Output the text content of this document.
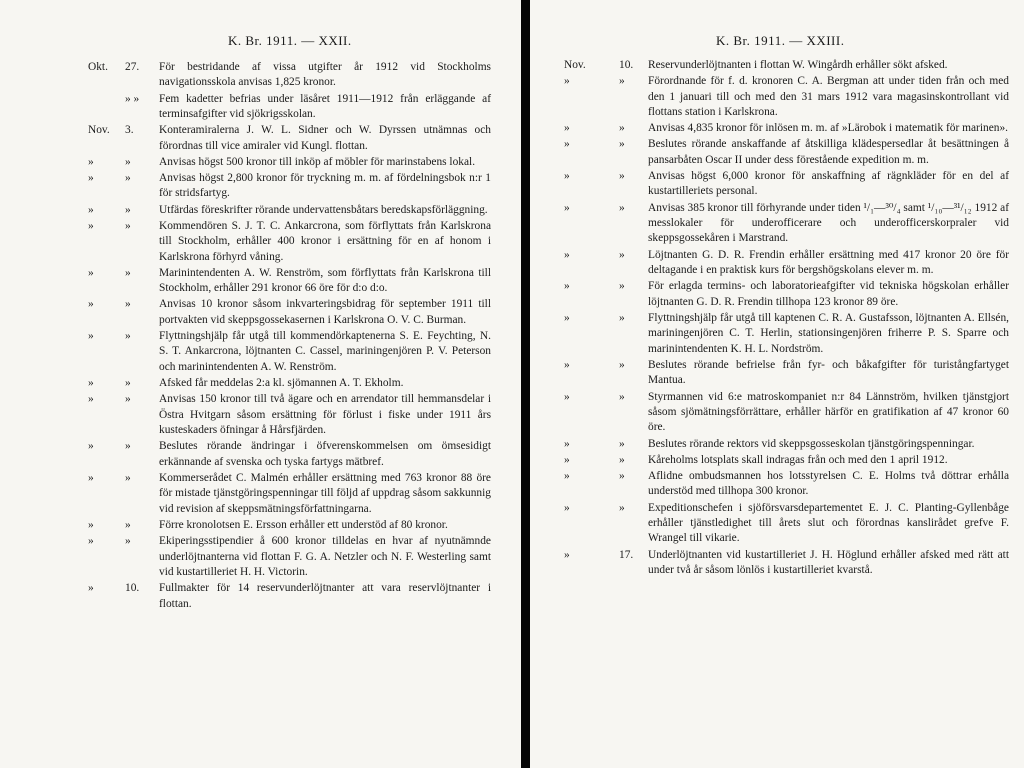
K. Br. 1911. — XXII.
Okt. 27. För bestridande af vissa utgifter år 1912 vid Stockholms navigationsskola anvisas 1,825 kronor.
» » Fem kadetter befrias under läsåret 1911—1912 från erläggande af terminsafgifter vid sjökrigsskolan.
Nov. 3. Konteramiralerna J. W. L. Sidner och W. Dyrssen utnämnas och förordnas till vice amiraler vid Kungl. flottan.
»	» Anvisas högst 500 kronor till inköp af möbler för marinstabens lokal.
»	» Anvisas högst 2,800 kronor för tryckning m. m. af fördelningsbok n:r 1 för stridsfartyg.
»	» Utfärdas föreskrifter rörande undervattensbåtars beredskapsförläggning.
»	» Kommendören S. J. T. C. Ankarcrona, som förflyttats från Karlskrona till Stockholm, erhåller 400 kronor i ersättning för en af honom i Karlskrona förhyrd våning.
»	» Marinintendenten A. W. Renström, som förflyttats från Karlskrona till Stockholm, erhåller 291 kronor 66 öre för d:o d:o.
»	» Anvisas 10 kronor såsom inkvarteringsbidrag för september 1911 till portvakten vid skeppsgossekasernen i Karlskrona O. V. C. Burman.
»	» Flyttningshjälp får utgå till kommendörkaptenerna S. E. Feychting, N. S. T. Ankarcrona, löjtnanten C. Cassel, mariningenjören P. V. Peterson och marinintendenten A. W. Renström.
»	» Afsked får meddelas 2:a kl. sjömannen A. T. Ekholm.
»	» Anvisas 150 kronor till två ägare och en arrendator till hemmansdelar i Östra Hvitgarn såsom ersättning för förlust i fiske under 1911 års kusteskaders öfningar å Hårsfjärden.
»	» Beslutes rörande ändringar i öfverenskommelsen om ömsesidigt erkännande af svenska och tyska fartygs mätbref.
»	» Kommerserådet C. Malmén erhåller ersättning med 763 kronor 88 öre för mistade tjänstgöringspenningar till följd af uppdrag såsom sakkunnig vid revision af skeppsmätningsförfattningarna.
»	» Förre kronolotsen E. Ersson erhåller ett understöd af 80 kronor.
»	» Ekiperingsstipendier å 600 kronor tilldelas en hvar af nyutnämnde underlöjtnanterna vid flottan F. G. A. Netzler och N. F. Westerling samt vid kustartilleriet H. H. Victorin.
»	10. Fullmakter för 14 reservunderlöjtnanter att vara reservlöjtnanter i flottan.
K. Br. 1911. — XXIII.
Nov.	10. Reservunderlöjtnanten i flottan W. Wingårdh erhåller sökt afsked.
»	» Förordnande för f. d. kronoren C. A. Bergman att under tiden från och med den 1 januari till och med den 31 mars 1912 vara magasinskontrollant vid flottans station i Karlskrona.
»	» Anvisas 4,835 kronor för inlösen m. m. af »Lärobok i matematik för marinen».
»	» Beslutes rörande anskaffande af åtskilliga klädespersedlar åt besättningen å pansarbåten Oscar II under dess förestående expedition m. m.
»	» Anvisas högst 6,000 kronor för anskaffning af rägnkläder för en del af kustartilleriets personal.
»	» Anvisas 385 kronor till förhyrande under tiden ¹/₁—³⁰/₄ samt ¹/₁₀—³¹/₁₂ 1912 af messlokaler för underofficerare och underofficerskorpraler vid skeppsgossekåren i Marstrand.
»	» Löjtnanten G. D. R. Frendin erhåller ersättning med 417 kronor 20 öre för deltagande i en praktisk kurs för bergshögskolans elever m. m.
»	» För erlagda termins- och laboratorieafgifter vid tekniska högskolan erhåller löjtnanten G. D. R. Frendin tillhopa 123 kronor 89 öre.
»	» Flyttningshjälp får utgå till kaptenen C. R. A. Gustafsson, löjtnanten A. Ellsén, mariningenjören C. T. Herlin, stationsingenjören friherre P. S. Sparre och marinintendenten K. H. L. Nordström.
»	» Beslutes rörande befrielse från fyr- och båkafgifter för turistångfartyget Mantua.
»	» Styrmannen vid 6:e matroskompaniet n:r 84 Lännström, hvilken tjänstgjort såsom sjömätningsförrättare, erhåller härför en gratifikation af 47 kronor 60 öre.
»	» Beslutes rörande rektors vid skeppsgosseskolan tjänstgöringspenningar.
»	» Kåreholms lotsplats skall indragas från och med den 1 april 1912.
»	» Aflidne ombudsmannen hos lotsstyrelsen C. E. Holms två döttrar erhålla understöd med tillhopa 300 kronor.
»	» Expeditionschefen i sjöförsvarsdepartementet E. J. C. Planting-Gyllenbåge erhåller tjänstledighet till årets slut och förordnas kanslirådet grefve F. Wrangel till vikarie.
»	17. Underlöjtnanten vid kustartilleriet J. H. Höglund erhåller afsked med rätt att under två år såsom lönlös i kustartilleriet kvarstå.
